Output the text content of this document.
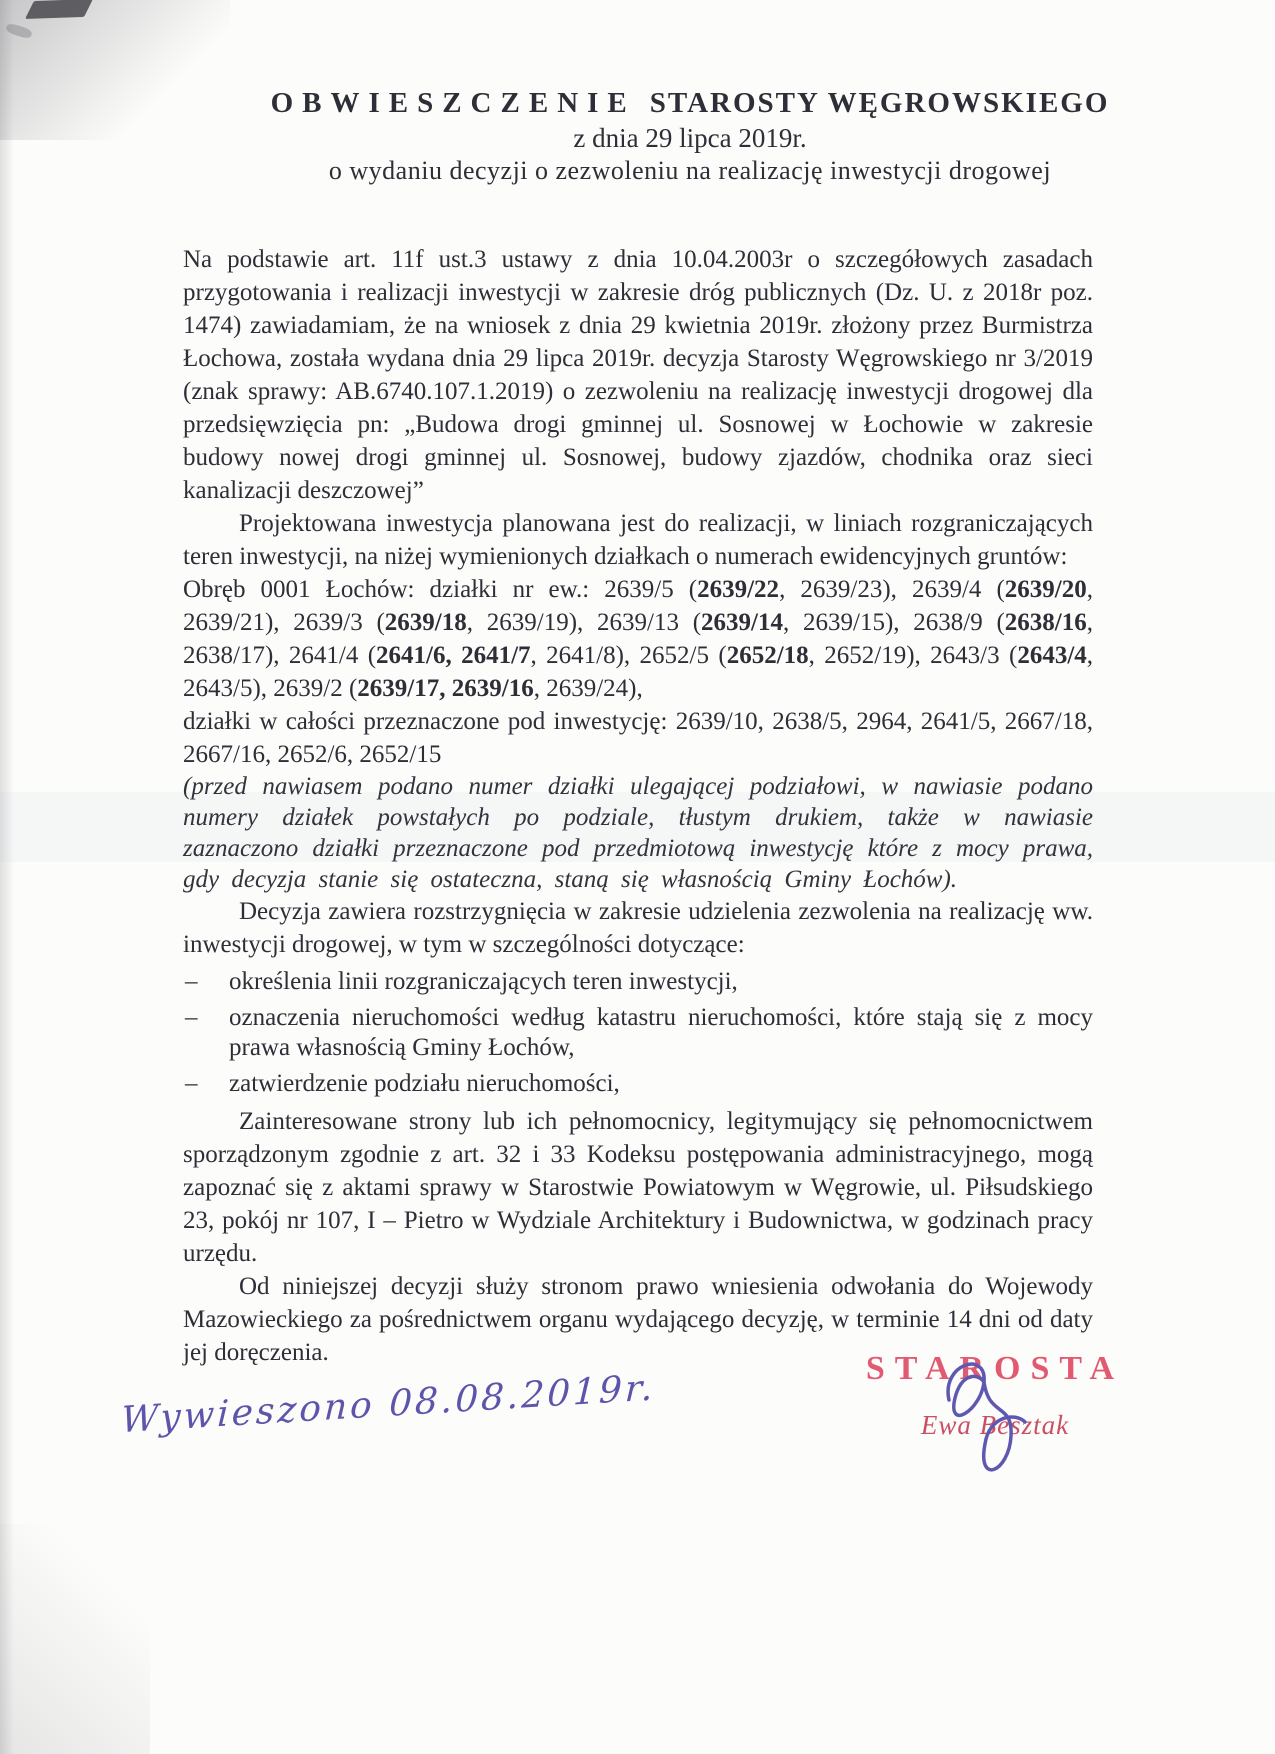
OBWIESZCZENIE STAROSTY WĘGROWSKIEGO
z dnia 29 lipca 2019r.
o wydaniu decyzji o zezwoleniu na realizację inwestycji drogowej

Na podstawie art. 11f ust.3 ustawy z dnia 10.04.2003r o szczegółowych zasadach przygotowania i realizacji inwestycji w zakresie dróg publicznych (Dz. U. z 2018r poz. 1474) zawiadamiam, że na wniosek z dnia 29 kwietnia 2019r. złożony przez Burmistrza Łochowa, została wydana dnia 29 lipca 2019r. decyzja Starosty Węgrowskiego nr 3/2019 (znak sprawy: AB.6740.107.1.2019) o zezwoleniu na realizację inwestycji drogowej dla przedsięwzięcia pn: „Budowa drogi gminnej ul. Sosnowej w Łochowie w zakresie budowy nowej drogi gminnej ul. Sosnowej, budowy zjazdów, chodnika oraz sieci kanalizacji deszczowej”

Projektowana inwestycja planowana jest do realizacji, w liniach rozgraniczających teren inwestycji, na niżej wymienionych działkach o numerach ewidencyjnych gruntów:

Obręb 0001 Łochów: działki nr ew.: 2639/5 (2639/22, 2639/23), 2639/4 (2639/20, 2639/21), 2639/3 (2639/18, 2639/19), 2639/13 (2639/14, 2639/15), 2638/9 (2638/16, 2638/17), 2641/4 (2641/6, 2641/7, 2641/8), 2652/5 (2652/18, 2652/19), 2643/3 (2643/4, 2643/5), 2639/2 (2639/17, 2639/16, 2639/24),

działki w całości przeznaczone pod inwestycję: 2639/10, 2638/5, 2964, 2641/5, 2667/18, 2667/16, 2652/6, 2652/15

(przed nawiasem podano numer działki ulegającej podziałowi, w nawiasie podano numery działek powstałych po podziale, tłustym drukiem, także w nawiasie zaznaczono działki przeznaczone pod przedmiotową inwestycję które z mocy prawa, gdy decyzja stanie się ostateczna, staną się własnością Gminy Łochów).

Decyzja zawiera rozstrzygnięcia w zakresie udzielenia zezwolenia na realizację ww. inwestycji drogowej, w tym w szczególności dotyczące:

– określenia linii rozgraniczających teren inwestycji,
– oznaczenia nieruchomości według katastru nieruchomości, które stają się z mocy prawa własnością Gminy Łochów,
– zatwierdzenie podziału nieruchomości,

Zainteresowane strony lub ich pełnomocnicy, legitymujący się pełnomocnictwem sporządzonym zgodnie z art. 32 i 33 Kodeksu postępowania administracyjnego, mogą zapoznać się z aktami sprawy w Starostwie Powiatowym w Węgrowie, ul. Piłsudskiego 23, pokój nr 107, I – Pietro w Wydziale Architektury i Budownictwa, w godzinach pracy urzędu.

Od niniejszej decyzji służy stronom prawo wniesienia odwołania do Wojewody Mazowieckiego za pośrednictwem organu wydającego decyzję, w terminie 14 dni od daty jej doręczenia.	STAROSTA
Ewa Besztak
Wywieszono 08.08.2019r.
